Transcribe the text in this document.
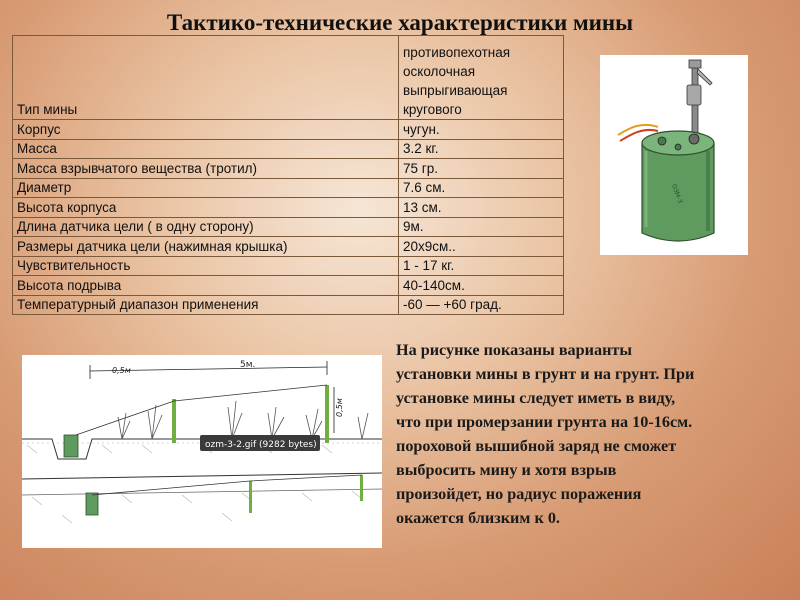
Тактико-технические характеристики мины
Тип мины	противопехотная осколочная выпрыгивающая кругового
Корпус	чугун.
Масса	3.2 кг.
Масса взрывчатого вещества (тротил)	75 гр.
Диаметр	7.6 см.
Высота корпуса	13 см.
Длина датчика цели ( в одну сторону)	9м.
Размеры датчика цели (нажимная крышка)	20x9см..
Чувствительность	1 - 17 кг.
Высота подрыва	40-140см.
Температурный диапазон применения	-60 — +60 град.
ОЗМ-3
5м.
0,5м
0,5м
ozm-3-2.gif (9282 bytes)

На рисунке показаны варианты установки мины в грунт и на грунт. При установке мины следует иметь в виду, что при промерзании грунта на 10-16см. пороховой вышибной заряд не сможет выбросить мину и хотя взрыв произойдет, но радиус поражения окажется близким к 0.
